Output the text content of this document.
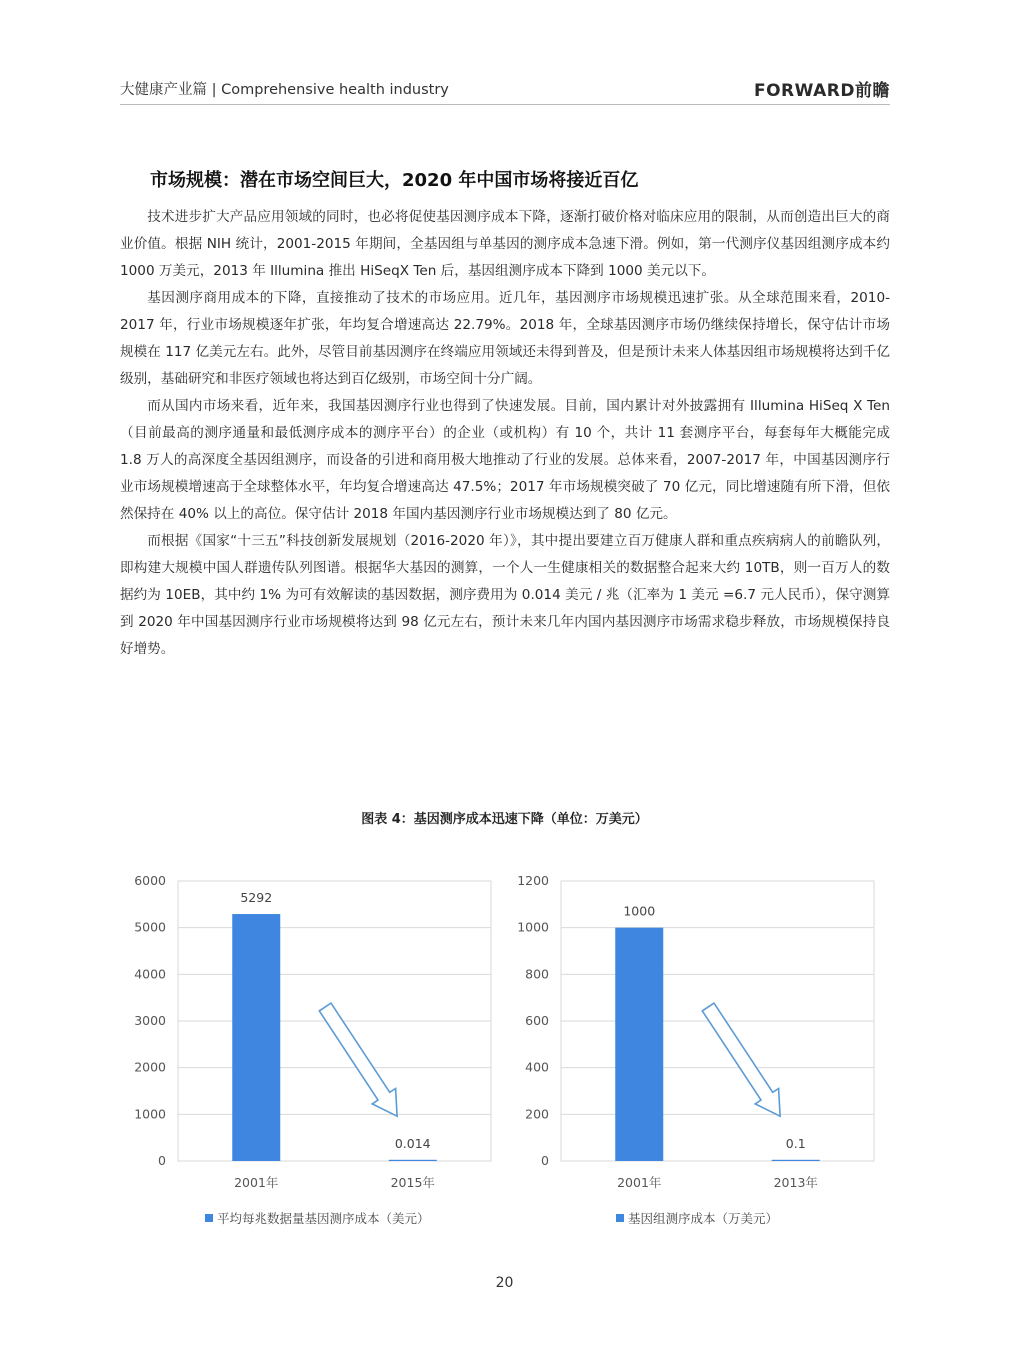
大健康产业篇 | Comprehensive health industry	FORWARD前瞻
市场规模：潜在市场空间巨大，2020 年中国市场将接近百亿

技术进步扩大产品应用领域的同时，也必将促使基因测序成本下降，逐渐打破价格对临床应用的限制，从而创造出巨大的商业价值。根据 NIH 统计，2001-2015 年期间，全基因组与单基因的测序成本急速下滑。例如，第一代测序仪基因组测序成本约 1000 万美元，2013 年 Illumina 推出 HiSeqX Ten 后，基因组测序成本下降到 1000 美元以下。

基因测序商用成本的下降，直接推动了技术的市场应用。近几年，基因测序市场规模迅速扩张。从全球范围来看，2010-2017 年，行业市场规模逐年扩张，年均复合增速高达 22.79%。2018 年，全球基因测序市场仍继续保持增长，保守估计市场规模在 117 亿美元左右。此外，尽管目前基因测序在终端应用领域还未得到普及，但是预计未来人体基因组市场规模将达到千亿级别，基础研究和非医疗领域也将达到百亿级别，市场空间十分广阔。

而从国内市场来看，近年来，我国基因测序行业也得到了快速发展。目前，国内累计对外披露拥有 Illumina HiSeq X Ten（目前最高的测序通量和最低测序成本的测序平台）的企业（或机构）有 10 个，共计 11 套测序平台，每套每年大概能完成 1.8 万人的高深度全基因组测序，而设备的引进和商用极大地推动了行业的发展。总体来看，2007-2017 年，中国基因测序行业市场规模增速高于全球整体水平，年均复合增速高达 47.5%；2017 年市场规模突破了 70 亿元，同比增速随有所下滑，但依然保持在 40% 以上的高位。保守估计 2018 年国内基因测序行业市场规模达到了 80 亿元。

而根据《国家“十三五”科技创新发展规划（2016-2020 年）》，其中提出要建立百万健康人群和重点疾病病人的前瞻队列，即构建大规模中国人群遗传队列图谱。根据华大基因的测算，一个人一生健康相关的数据整合起来大约 10TB，则一百万人的数据约为 10EB，其中约 1% 为可有效解读的基因数据，测序费用为 0.014 美元 / 兆（汇率为 1 美元 =6.7 元人民币），保守测算到 2020 年中国基因测序行业市场规模将达到 98 亿元左右，预计未来几年内国内基因测序市场需求稳步释放，市场规模保持良好增势。

图表 4：基因测序成本迅速下降（单位：万美元）
0
1000
2000
3000
4000
5000
6000
5292
2001年
0.014
2015年
平均每兆数据量基因测序成本（美元）
0
200
400
600
800
1000
1200
1000
2001年
0.1
2013年
基因组测序成本（万美元）
20
